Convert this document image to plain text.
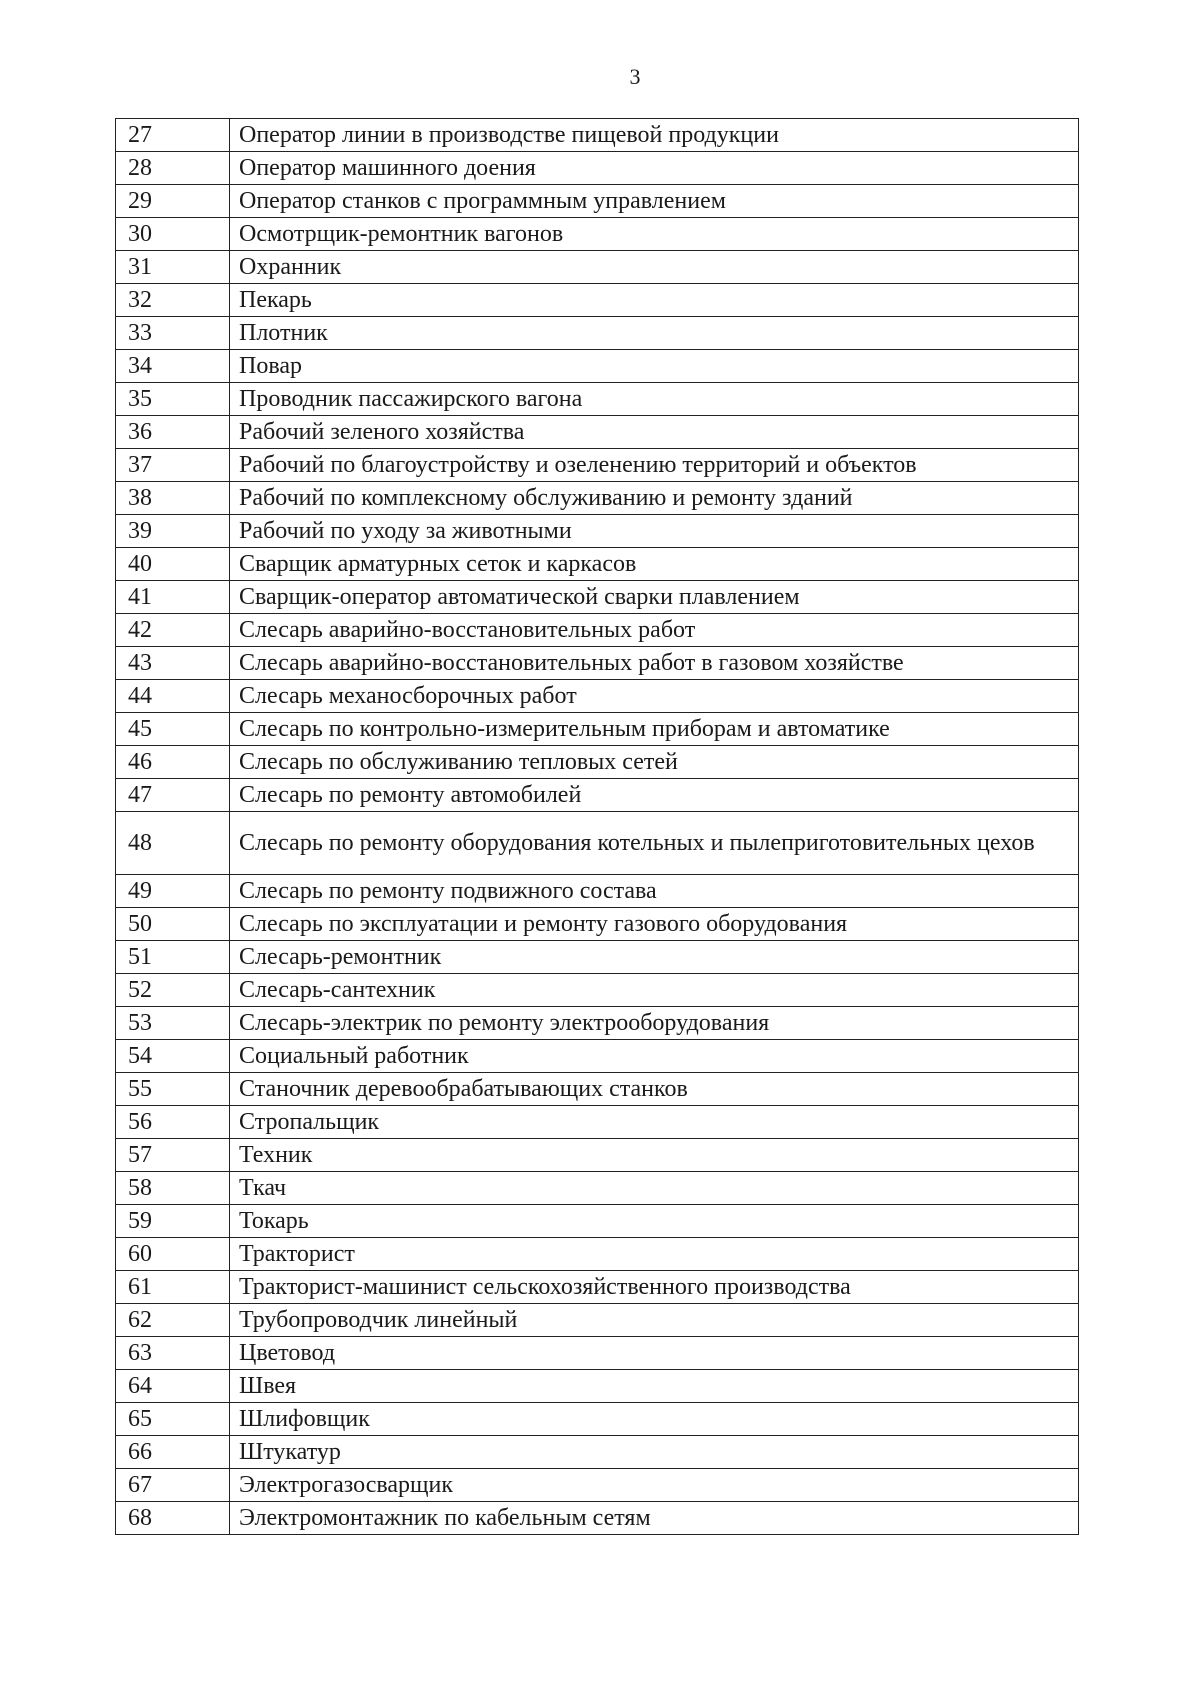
3
27	Оператор линии в производстве пищевой продукции
28	Оператор машинного доения
29	Оператор станков с программным управлением
30	Осмотрщик-ремонтник вагонов
31	Охранник
32	Пекарь
33	Плотник
34	Повар
35	Проводник пассажирского вагона
36	Рабочий зеленого хозяйства
37	Рабочий по благоустройству и озеленению территорий и объектов
38	Рабочий по комплексному обслуживанию и ремонту зданий
39	Рабочий по уходу за животными
40	Сварщик арматурных сеток и каркасов
41	Сварщик-оператор автоматической сварки плавлением
42	Слесарь аварийно-восстановительных работ
43	Слесарь аварийно-восстановительных работ в газовом хозяйстве
44	Слесарь механосборочных работ
45	Слесарь по контрольно-измерительным приборам и автоматике
46	Слесарь по обслуживанию тепловых сетей
47	Слесарь по ремонту автомобилей
48	Слесарь по ремонту оборудования котельных и пылеприготовительных цехов
49	Слесарь по ремонту подвижного состава
50	Слесарь по эксплуатации и ремонту газового оборудования
51	Слесарь-ремонтник
52	Слесарь-сантехник
53	Слесарь-электрик по ремонту электрооборудования
54	Социальный работник
55	Станочник деревообрабатывающих станков
56	Стропальщик
57	Техник
58	Ткач
59	Токарь
60	Тракторист
61	Тракторист-машинист сельскохозяйственного производства
62	Трубопроводчик линейный
63	Цветовод
64	Швея
65	Шлифовщик
66	Штукатур
67	Электрогазосварщик
68	Электромонтажник по кабельным сетям
